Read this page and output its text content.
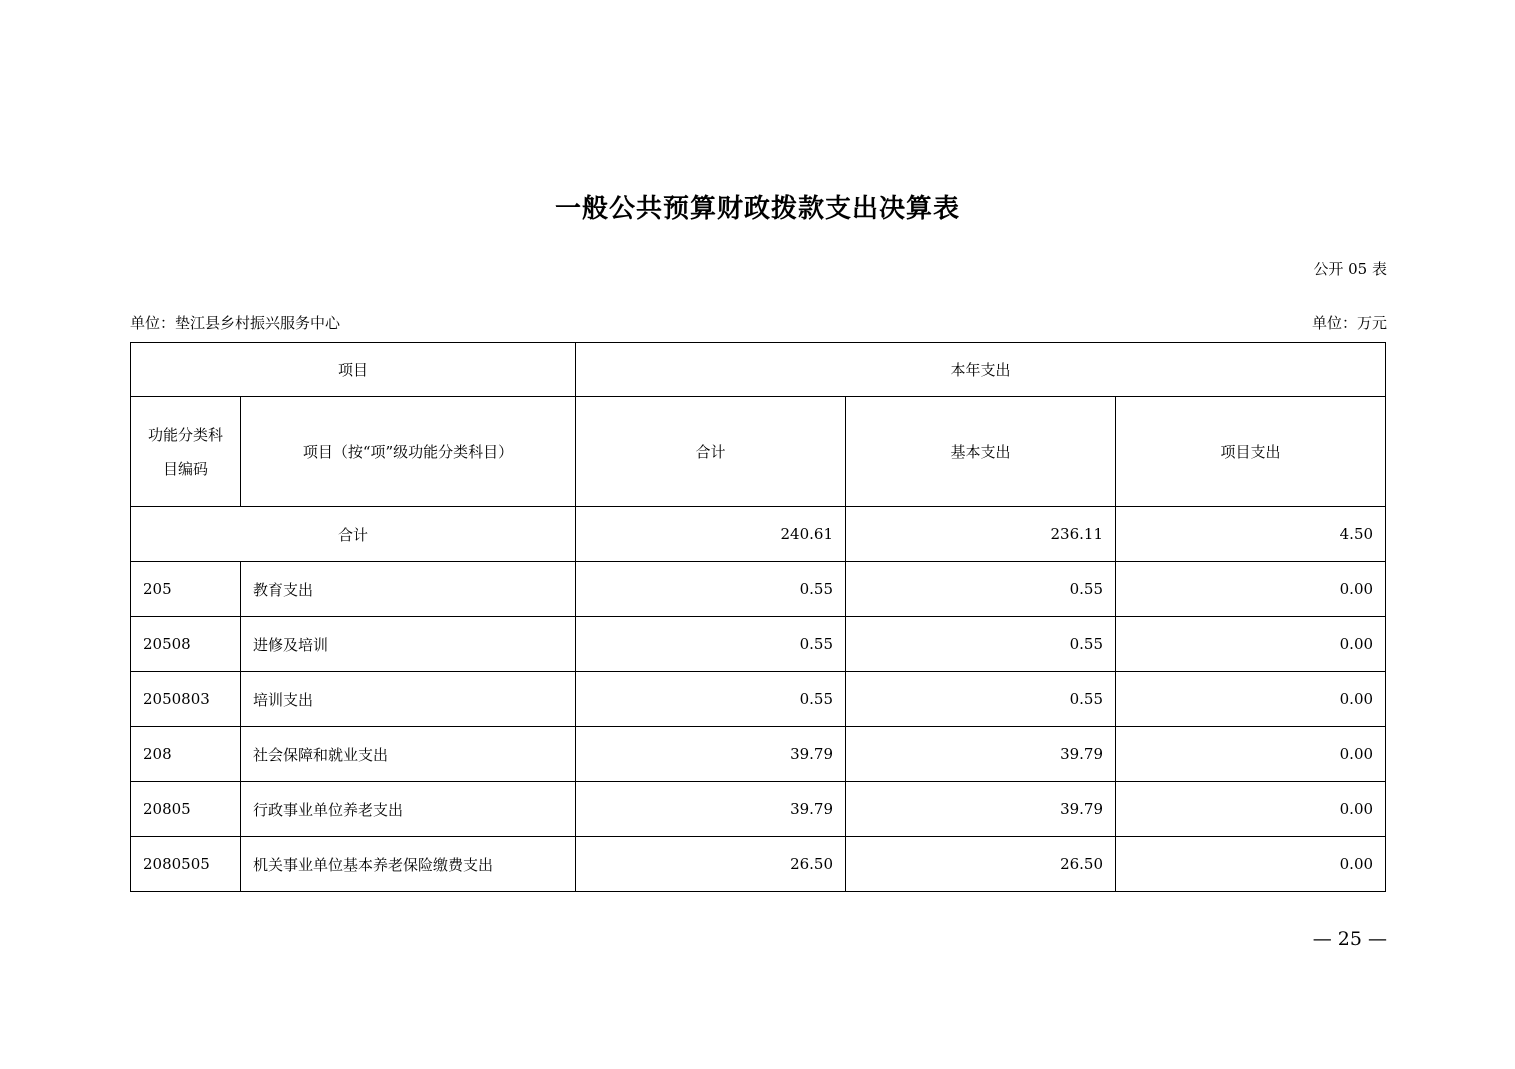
一般公共预算财政拨款支出决算表
公开 05 表
单位：垫江县乡村振兴服务中心	单位：万元
项目		本年支出		
功能分类科目编码	项目（按“项”级功能分类科目）	合计	基本支出	项目支出
合计		240.61	236.11	4.50
205	教育支出	0.55	0.55	0.00
20508	进修及培训	0.55	0.55	0.00
2050803	培训支出	0.55	0.55	0.00
208	社会保障和就业支出	39.79	39.79	0.00
20805	行政事业单位养老支出	39.79	39.79	0.00
2080505	机关事业单位基本养老保险缴费支出	26.50	26.50	0.00
— 25 —
